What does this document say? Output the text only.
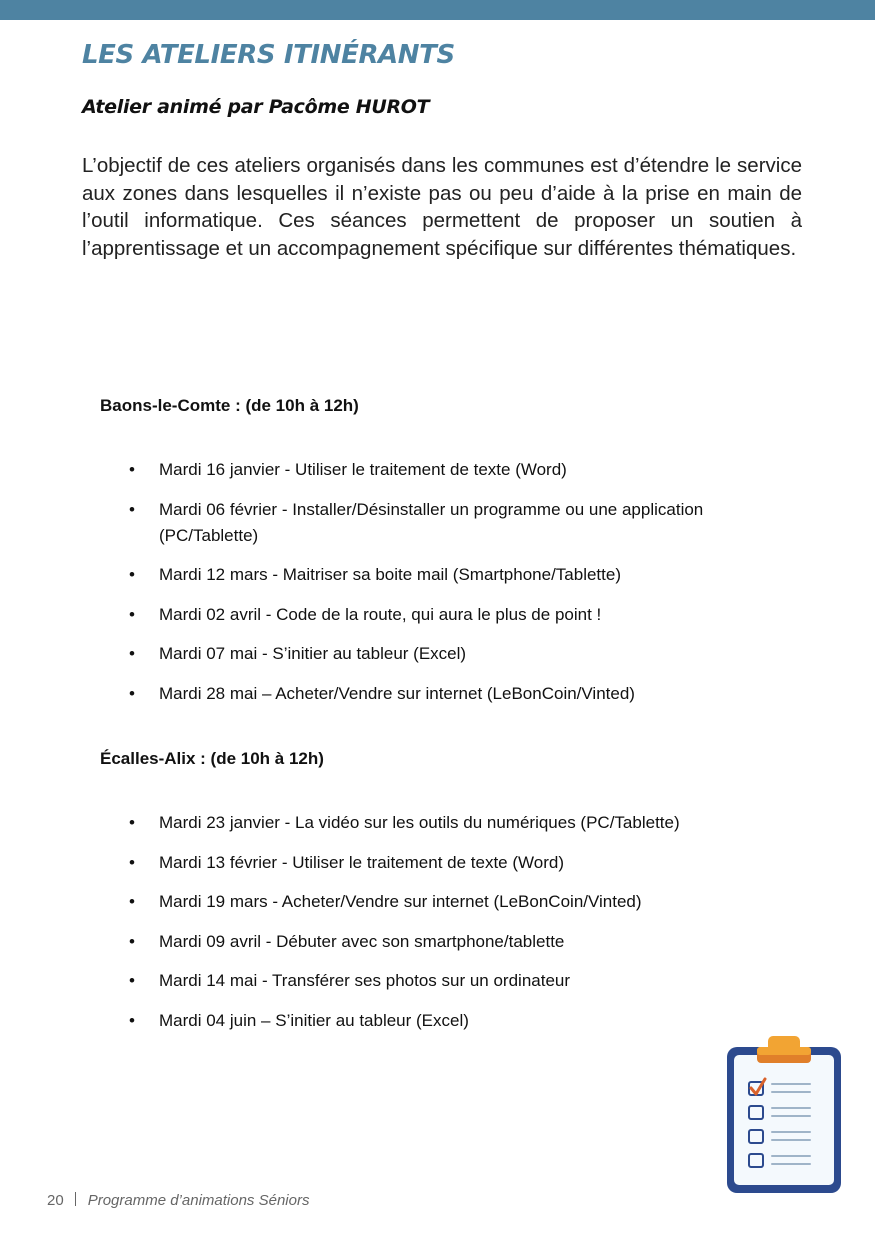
LES ATELIERS ITINÉRANTS
Atelier animé par Pacôme HUROT

L’objectif de ces ateliers organisés dans les communes est d’étendre le service aux zones dans lesquelles il n’existe pas ou peu d’aide à la prise en main de l’outil informatique. Ces séances permettent de proposer un soutien à l’apprentissage et un accompagnement spécifique sur différentes thématiques.

Baons-le-Comte : (de 10h à 12h)
• Mardi 16 janvier - Utiliser le traitement de texte (Word)
• Mardi 06 février - Installer/Désinstaller un programme ou une application (PC/Tablette)
• Mardi 12 mars - Maitriser sa boite mail (Smartphone/Tablette)
• Mardi 02 avril - Code de la route, qui aura le plus de point !
• Mardi 07 mai - S’initier au tableur (Excel)
• Mardi 28 mai – Acheter/Vendre sur internet (LeBonCoin/Vinted)
Écalles-Alix : (de 10h à 12h)
• Mardi 23 janvier - La vidéo sur les outils du numériques (PC/Tablette)
• Mardi 13 février - Utiliser le traitement de texte (Word)
• Mardi 19 mars - Acheter/Vendre sur internet (LeBonCoin/Vinted)
• Mardi 09 avril - Débuter avec son smartphone/tablette
• Mardi 14 mai - Transférer ses photos sur un ordinateur
• Mardi 04 juin – S’initier au tableur (Excel)
20 Programme d’animations Séniors
